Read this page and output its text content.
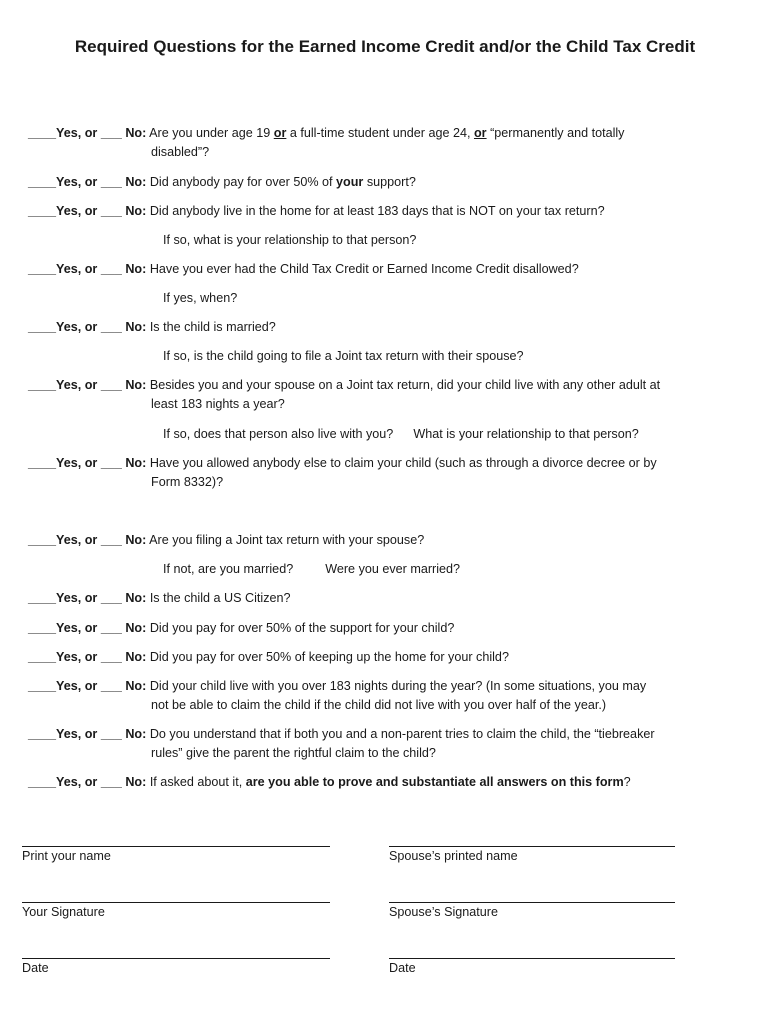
Required Questions for the Earned Income Credit and/or the Child Tax Credit
____Yes, or ___ No: Are you under age 19 or a full-time student under age 24, or “permanently and totally
disabled”?
____Yes, or ___ No: Did anybody pay for over 50% of your support?
____Yes, or ___ No: Did anybody live in the home for at least 183 days that is NOT on your tax return?
If so, what is your relationship to that person?
____Yes, or ___ No: Have you ever had the Child Tax Credit or Earned Income Credit disallowed?
If yes, when?
____Yes, or ___ No: Is the child is married?
If so, is the child going to file a Joint tax return with their spouse?
____Yes, or ___ No: Besides you and your spouse on a Joint tax return, did your child live with any other adult at
least 183 nights a year?
If so, does that person also live with you? What is your relationship to that person?
____Yes, or ___ No: Have you allowed anybody else to claim your child (such as through a divorce decree or by
Form 8332)?
____Yes, or ___ No: Are you filing a Joint tax return with your spouse?
If not, are you married?	Were you ever married?
____Yes, or ___ No: Is the child a US Citizen?
____Yes, or ___ No: Did you pay for over 50% of the support for your child?
____Yes, or ___ No: Did you pay for over 50% of keeping up the home for your child?
____Yes, or ___ No: Did your child live with you over 183 nights during the year? (In some situations, you may
not be able to claim the child if the child did not live with you over half of the year.)
____Yes, or ___ No: Do you understand that if both you and a non-parent tries to claim the child, the “tiebreaker
rules” give the parent the rightful claim to the child?
____Yes, or ___ No: If asked about it, are you able to prove and substantiate all answers on this form?
Print your name	Spouse’s printed name
Your Signature	Spouse’s Signature
Date	Date
